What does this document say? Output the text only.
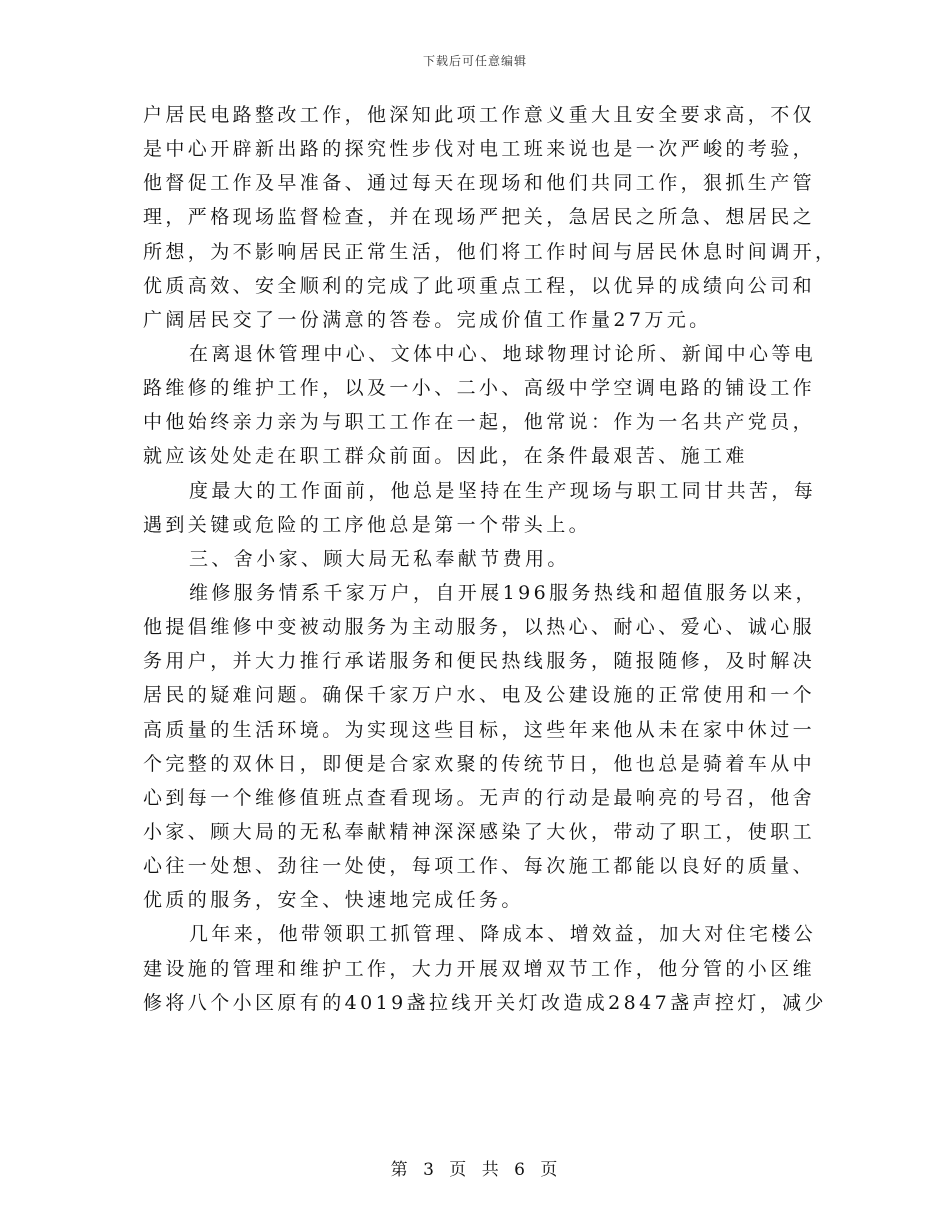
下载后可任意编辑
户居民电路整改工作，他深知此项工作意义重大且安全要求高，不仅
是中心开辟新出路的探究性步伐对电工班来说也是一次严峻的考验，
他督促工作及早准备、通过每天在现场和他们共同工作，狠抓生产管
理，严格现场监督检查，并在现场严把关，急居民之所急、想居民之
所想，为不影响居民正常生活，他们将工作时间与居民休息时间调开，
优质高效、安全顺利的完成了此项重点工程，以优异的成绩向公司和
广阔居民交了一份满意的答卷。完成价值工作量27万元。
在离退休管理中心、文体中心、地球物理讨论所、新闻中心等电
路维修的维护工作，以及一小、二小、高级中学空调电路的铺设工作
中他始终亲力亲为与职工工作在一起，他常说：作为一名共产党员，
就应该处处走在职工群众前面。因此，在条件最艰苦、施工难
度最大的工作面前，他总是坚持在生产现场与职工同甘共苦，每
遇到关键或危险的工序他总是第一个带头上。
三、舍小家、顾大局无私奉献节费用。
维修服务情系千家万户，自开展196服务热线和超值服务以来，
他提倡维修中变被动服务为主动服务，以热心、耐心、爱心、诚心服
务用户，并大力推行承诺服务和便民热线服务，随报随修，及时解决
居民的疑难问题。确保千家万户水、电及公建设施的正常使用和一个
高质量的生活环境。为实现这些目标，这些年来他从未在家中休过一
个完整的双休日，即便是合家欢聚的传统节日，他也总是骑着车从中
心到每一个维修值班点查看现场。无声的行动是最响亮的号召，他舍
小家、顾大局的无私奉献精神深深感染了大伙，带动了职工，使职工
心往一处想、劲往一处使，每项工作、每次施工都能以良好的质量、
优质的服务，安全、快速地完成任务。
几年来，他带领职工抓管理、降成本、增效益，加大对住宅楼公
建设施的管理和维护工作，大力开展双增双节工作，他分管的小区维
修将八个小区原有的4019盏拉线开关灯改造成2847盏声控灯，减少
第 3 页 共 6 页
